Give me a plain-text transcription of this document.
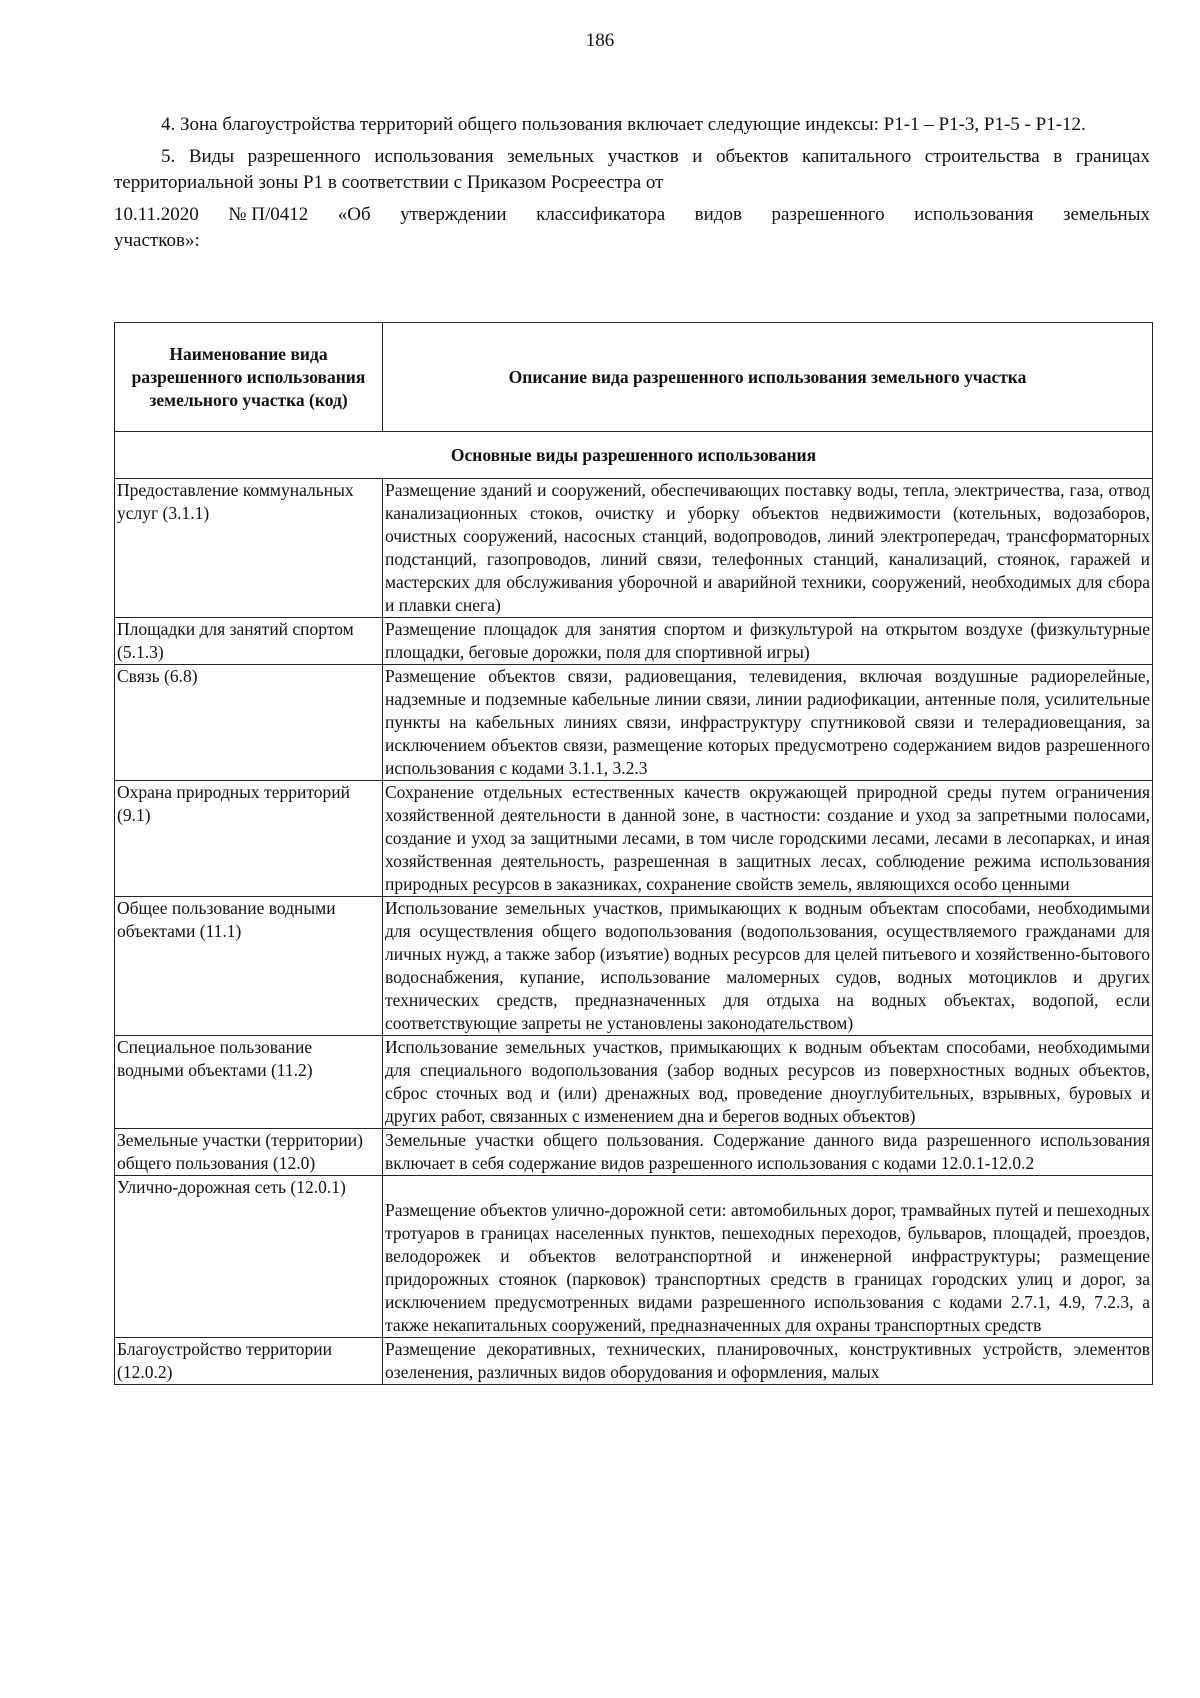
186

4. Зона благоустройства территорий общего пользования включает следующие индексы: Р1-1 – Р1-3, Р1-5 - Р1-12.

5. Виды разрешенного использования земельных участков и объектов капитального строительства в границах территориальной зоны Р1 в соответствии с Приказом Росреестра от

10.11.2020 № П/0412 «Об утверждении классификатора видов разрешенного использования земельных

участков»:

Наименование вида разрешенного использования земельного участка (код)	Описание вида разрешенного использования земельного участка
Основные виды разрешенного использования	
Предоставление коммунальных услуг (3.1.1)	Размещение зданий и сооружений, обеспечивающих поставку воды, тепла, электричества, газа, отвод канализационных стоков, очистку и уборку объектов недвижимости (котельных, водозаборов, очистных сооружений, насосных станций, водопроводов, линий электропередач, трансформаторных подстанций, газопроводов, линий связи, телефонных станций, канализаций, стоянок, гаражей и мастерских для обслуживания уборочной и аварийной техники, сооружений, необходимых для сбора и плавки снега)
Площадки для занятий спортом (5.1.3)	Размещение площадок для занятия спортом и физкультурой на открытом воздухе (физкультурные площадки, беговые дорожки, поля для спортивной игры)
Связь (6.8)	Размещение объектов связи, радиовещания, телевидения, включая воздушные радиорелейные, надземные и подземные кабельные линии связи, линии радиофикации, антенные поля, усилительные пункты на кабельных линиях связи, инфраструктуру спутниковой связи и телерадиовещания, за исключением объектов связи, размещение которых предусмотрено содержанием видов разрешенного использования с кодами 3.1.1, 3.2.3
Охрана природных территорий (9.1)	Сохранение отдельных естественных качеств окружающей природной среды путем ограничения хозяйственной деятельности в данной зоне, в частности: создание и уход за запретными полосами, создание и уход за защитными лесами, в том числе городскими лесами, лесами в лесопарках, и иная хозяйственная деятельность, разрешенная в защитных лесах, соблюдение режима использования природных ресурсов в заказниках, сохранение свойств земель, являющихся особо ценными
Общее пользование водными объектами (11.1)	Использование земельных участков, примыкающих к водным объектам способами, необходимыми для осуществления общего водопользования (водопользования, осуществляемого гражданами для личных нужд, а также забор (изъятие) водных ресурсов для целей питьевого и хозяйственно-бытового водоснабжения, купание, использование маломерных судов, водных мотоциклов и других технических средств, предназначенных для отдыха на водных объектах, водопой, если соответствующие запреты не установлены законодательством)
Специальное пользование водными объектами (11.2)	Использование земельных участков, примыкающих к водным объектам способами, необходимыми для специального водопользования (забор водных ресурсов из поверхностных водных объектов, сброс сточных вод и (или) дренажных вод, проведение дноуглубительных, взрывных, буровых и других работ, связанных с изменением дна и берегов водных объектов)
Земельные участки (территории) общего пользования (12.0)	Земельные участки общего пользования. Содержание данного вида разрешенного использования включает в себя содержание видов разрешенного использования с кодами 12.0.1-12.0.2
Улично-дорожная сеть (12.0.1)	Размещение объектов улично-дорожной сети: автомобильных дорог, трамвайных путей и пешеходных тротуаров в границах населенных пунктов, пешеходных переходов, бульваров, площадей, проездов, велодорожек и объектов велотранспортной и инженерной инфраструктуры; размещение придорожных стоянок (парковок) транспортных средств в границах городских улиц и дорог, за исключением предусмотренных видами разрешенного использования с кодами 2.7.1, 4.9, 7.2.3, а также некапитальных сооружений, предназначенных для охраны транспортных средств
Благоустройство территории (12.0.2)	Размещение декоративных, технических, планировочных, конструктивных устройств, элементов озеленения, различных видов оборудования и оформления, малых
